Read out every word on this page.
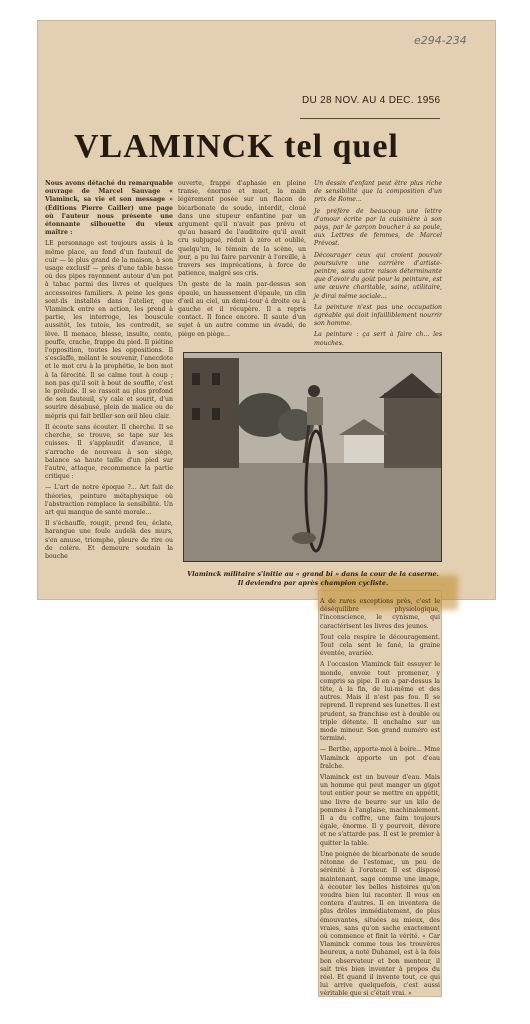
e294-234
DU 28 NOV. AU 4 DEC. 1956
VLAMINCK tel quel

Nous avons détaché du remarquable ouvrage de Marcel Sauvage « Vlaminck, sa vie et son message » (Éditions Pierre Cailler) une page où l'auteur nous présente une étonnante silhouette du vieux maître :

LE personnage est toujours assis à la même place, au fond d'un fauteuil de cuir — le plus grand de la maison, à son usage exclusif — près d'une table basse où des pipes rayonnent autour d'un pot à tabac parmi des livres et quelques accessoires familiers. A peine les gens sont-ils installés dans l'atelier, que Vlaminck entre en action, les prend à partie, les interroge, les bouscule aussitôt, les tutoie, les contredit, se lève. Il menace, blesse, insulte, conte, pouffe, crache, frappe du pied. Il piétine l'opposition, toutes les oppositions. Il s'esclaffe, mêlant le souvenir, l'anecdote et le mot cru à la prophétie, le bon mot à la férocité. Il se calme tout à coup ; non pas qu'il soit à bout de souffle, c'est le prélude. Il se rassoit au plus profond de son fauteuil, s'y cale et sourit, d'un sourire désabusé, plein de malice ou de mépris qui fait briller son œil bleu clair.

Il écoute sans écouter. Il cherche. Il se cherche, se trouve, se tape sur les cuisses. Il s'applaudit d'avance, il s'arrache de nouveau à son siège, balance sa haute taille d'un pied sur l'autre, attaque, recommence la partie critique :

— L'art de notre époque ?... Art fait de théories, peinture métaphysique où l'abstraction remplace la sensibilité. Un art qui manque de santé morale...

Il s'échauffe, rougit, prend feu, éclate, harangue une foule audelà des murs, s'en amuse, triomphe, pleure de rire ou de colère. Et demeure soudain la bouche

ouverte, frappé d'aphasie en pleine transe, énorme et muet, la main légèrement posée sur un flacon de bicarbonate de soude, interdit, cloué dans une stupeur enfantine par un argument qu'il n'avait pas prévu et qu'au hasard de l'auditoire qu'il avait cru subjugué, réduit à zéro et oublié, quelqu'un, le témoin de la scène, un jour, a pu lui faire parvenir à l'oreille, à travers ses imprécations, à force de patience, malgré ses cris.

Un geste de la main par-dessus son épaule, un haussement d'épaule, un clin d'œil au ciel, un demi-tour à droite ou à gauche et il récupère. Il a repris contact. Il fonce encore. Il saute d'un sujet à un autre comme un évadé, de piège en piège...

Un dessin d'enfant peut être plus riche de sensibilité que la composition d'un prix de Rome...

Je préfère de beaucoup une lettre d'amour écrite par la cuisinière à son pays, par le garçon boucher à sa poule, aux Lettres de femmes, de Marcel Prévost.

Décourager ceux qui croient pouvoir poursuivre une carrière d'artiste-peintre, sans autre raison déterminante que d'avoir du goût pour la peinture, est une œuvre charitable, saine, utilitaire, je dirai même sociale...

La peinture n'est pas une occupation agréable qui doit infailliblement nourrir son homme.

La peinture : ça sert à faire ch... les mouches.

Vlaminck militaire s'initie au « grand bi » dans la cour de la caserne. Il deviendra par après champion cycliste.

A de rares exceptions près, c'est le déséquilibre physiologique, l'inconscience, le cynisme, qui caractérisent les livres des jeunes.

Tout cela respire le découragement. Tout cela sent le fané, la graine éventée, avariée.

A l'occasion Vlaminck fait essuyer le monde, envoie tout promener, y compris sa pipe. Il en a par-dessus la tête, à la fin, de lui-même et des autres. Mais il n'est pas fou. Il se reprend. Il reprend ses lunettes. Il est prudent, sa franchise est à double ou triple détente. Il enchaîne sur un mode mineur. Son grand numéro est terminé.

— Berthe, apporte-moi à boire... Mme Vlaminck apporte un pot d'eau fraîche.

Vlaminck est un buveur d'eau. Mais un homme qui peut manger un gigot tout entier pour se mettre en appétit, une livre de beurre sur un kilo de pommes à l'anglaise, machinalement. Il a du coffre, une faim toujours égale, énorme. Il y pourvoit, dévore et ne s'attarde pas. Il est le premier à quitter la table.

Une poignée de bicarbonate de soude rétonne de l'estomac, un peu de sérénité à l'orateur. Il est disposé maintenant, sage comme une image, à écouter les belles histoires qu'on voudra bien lui raconter. Il vous en contera d'autres. Il en inventera de plus drôles immédiatement, de plus émouvantes, situées au mieux, des vraies, sans qu'on sache exactement où commence et finit la vérité. « Car Vlaminck comme tous les trouvères heureux, a noté Duhamel, est à la fois bon observateur et bon menteur, il sait très bien inventer à propos du réel. Et quand il invente tout, ce qui lui arrive quelquefois, c'est aussi véritable que si c'était vrai. »
